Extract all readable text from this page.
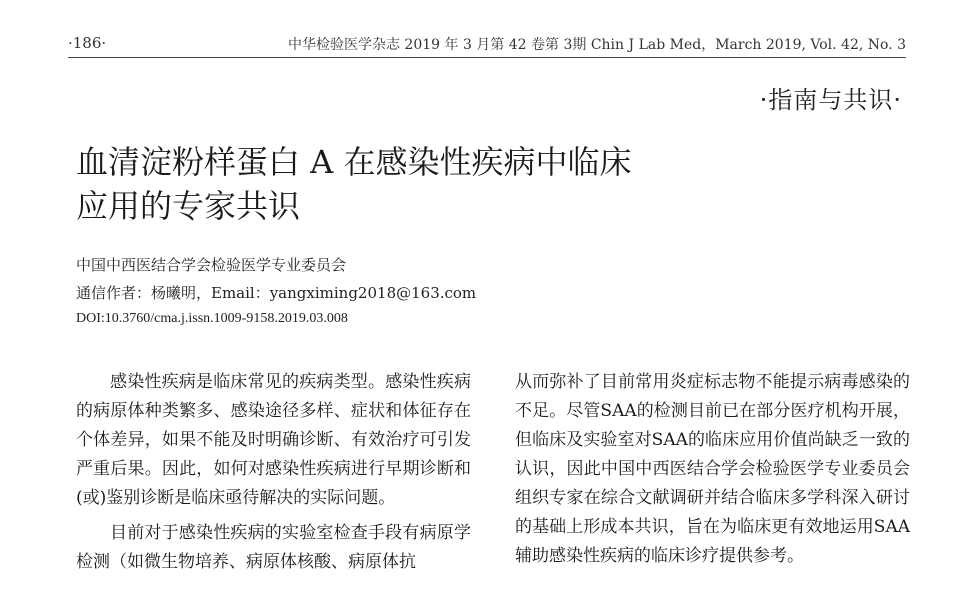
·186·	中华检验医学杂志 2019 年 3 月第 42 卷第 3期 Chin J Lab Med，March 2019, Vol. 42, No. 3
·指南与共识·
血清淀粉样蛋白 A 在感染性疾病中临床
应用的专家共识
中国中西医结合学会检验医学专业委员会
通信作者：杨曦明，Email：yangximing2018@163.com
DOI:10.3760/cma.j.issn.1009-9158.2019.03.008

感染性疾病是临床常见的疾病类型。感染性疾病的病原体种类繁多、感染途径多样、症状和体征存在个体差异，如果不能及时明确诊断、有效治疗可引发严重后果。因此，如何对感染性疾病进行早期诊断和(或)鉴别诊断是临床亟待解决的实际问题。

目前对于感染性疾病的实验室检查手段有病原学检测（如微生物培养、病原体核酸、病原体抗

从而弥补了目前常用炎症标志物不能提示病毒感染的不足。尽管SAA的检测目前已在部分医疗机构开展，但临床及实验室对SAA的临床应用价值尚缺乏一致的认识，因此中国中西医结合学会检验医学专业委员会组织专家在综合文献调研并结合临床多学科深入研讨的基础上形成本共识，旨在为临床更有效地运用SAA辅助感染性疾病的临床诊疗提供参考。
